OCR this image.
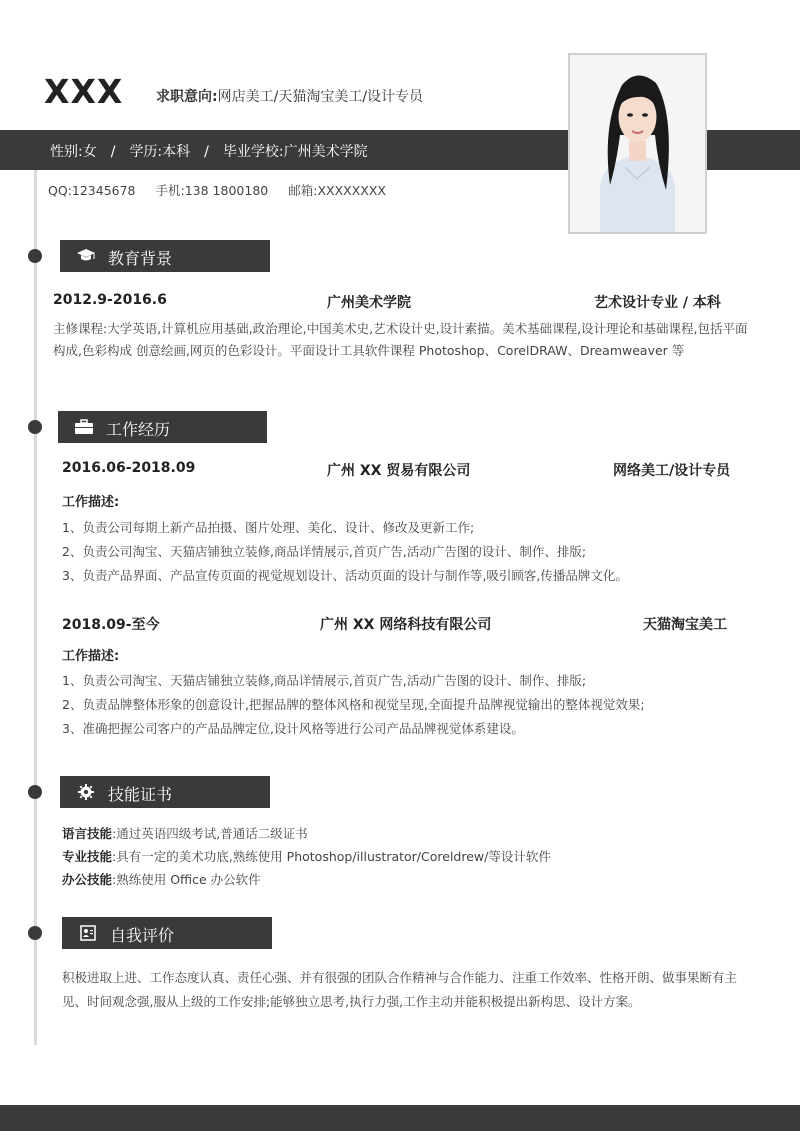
XXX 求职意向:网店美工/天猫淘宝美工/设计专员
性别:女 / 学历:本科 / 毕业学校:广州美术学院
QQ:12345678 手机:138 1800180 邮箱:XXXXXXXX
教育背景
2012.9-2016.6	广州美术学院	艺术设计专业 / 本科
主修课程:大学英语,计算机应用基础,政治理论,中国美术史,艺术设计史,设计素描。美术基础课程,设计理论和基础课程,包括平面构成,色彩构成 创意绘画,网页的色彩设计。平面设计工具软件课程 Photoshop、CorelDRAW、Dreamweaver 等
工作经历
2016.06-2018.09	广州 XX 贸易有限公司	网络美工/设计专员
工作描述:
1、负责公司每期上新产品拍摄、图片处理、美化、设计、修改及更新工作;
2、负责公司淘宝、天猫店铺独立装修,商品详情展示,首页广告,活动广告图的设计、制作、排版;
3、负责产品界面、产品宣传页面的视觉规划设计、活动页面的设计与制作等,吸引顾客,传播品牌文化。
2018.09-至今	广州 XX 网络科技有限公司	天猫淘宝美工
工作描述:
1、负责公司淘宝、天猫店铺独立装修,商品详情展示,首页广告,活动广告图的设计、制作、排版;
2、负责品牌整体形象的创意设计,把握品牌的整体风格和视觉呈现,全面提升品牌视觉输出的整体视觉效果;
3、准确把握公司客户的产品品牌定位,设计风格等进行公司产品品牌视觉体系建设。
技能证书
语言技能:通过英语四级考试,普通话二级证书
专业技能:具有一定的美术功底,熟练使用 Photoshop/illustrator/Coreldrew/等设计软件
办公技能:熟练使用 Office 办公软件
自我评价
积极进取上进、工作态度认真、责任心强、并有很强的团队合作精神与合作能力、注重工作效率、性格开朗、做事果断有主见、时间观念强,服从上级的工作安排;能够独立思考,执行力强,工作主动并能积极提出新构思、设计方案。
